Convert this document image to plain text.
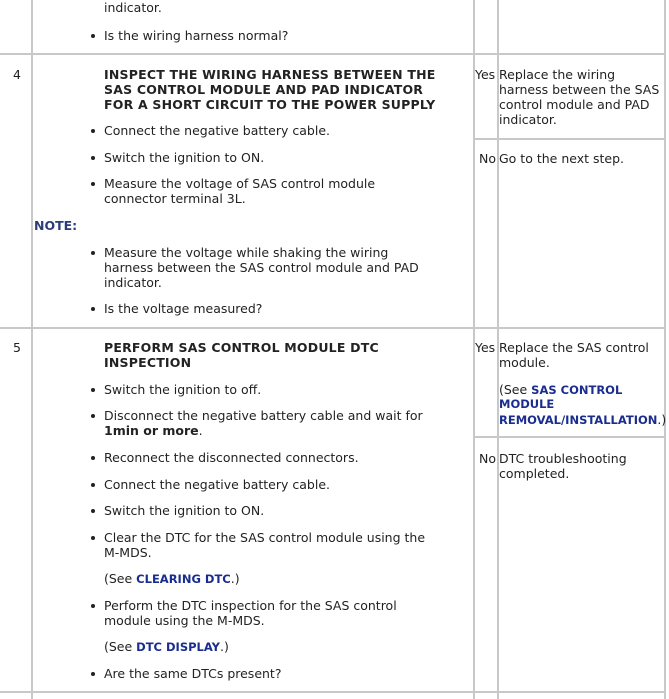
indicator.
Is the wiring harness normal?
4	INSPECT THE WIRING HARNESS BETWEEN THE
SAS CONTROL MODULE AND PAD INDICATOR
FOR A SHORT CIRCUIT TO THE POWER SUPPLY
Connect the negative battery cable.
Switch the ignition to ON.
Measure the voltage of SAS control module
connector terminal 3L.
NOTE:
Measure the voltage while shaking the wiring
harness between the SAS control module and PAD
indicator.
Is the voltage measured?
Yes Replace the wiring
harness between the SAS
control module and PAD
indicator.
No Go to the next step.
5	PERFORM SAS CONTROL MODULE DTC
INSPECTION
Switch the ignition to off.
Disconnect the negative battery cable and wait for
1min or more.
Reconnect the disconnected connectors.
Connect the negative battery cable.
Switch the ignition to ON.
Clear the DTC for the SAS control module using the
M-MDS.
(See CLEARING DTC.)
Perform the DTC inspection for the SAS control
module using the M-MDS.
(See DTC DISPLAY.)
Are the same DTCs present?
Yes Replace the SAS control
module.
(See SAS CONTROL
MODULE
REMOVAL/INSTALLATION.)
No DTC troubleshooting
completed.
